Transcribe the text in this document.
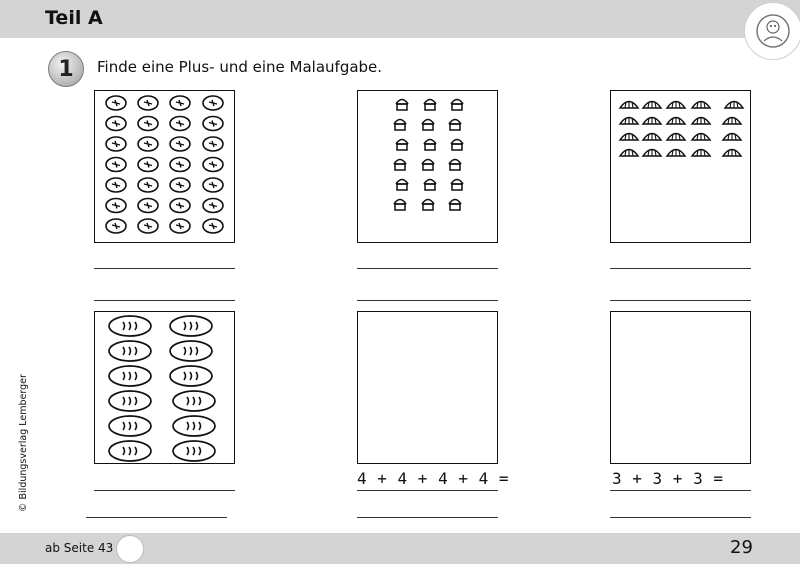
Teil A
1 Finde eine Plus- und eine Malaufgabe.
4 + 4 + 4 + 4 =	3 + 3 + 3 =
© Bildungsverlag Lemberger
ab Seite 43	29
